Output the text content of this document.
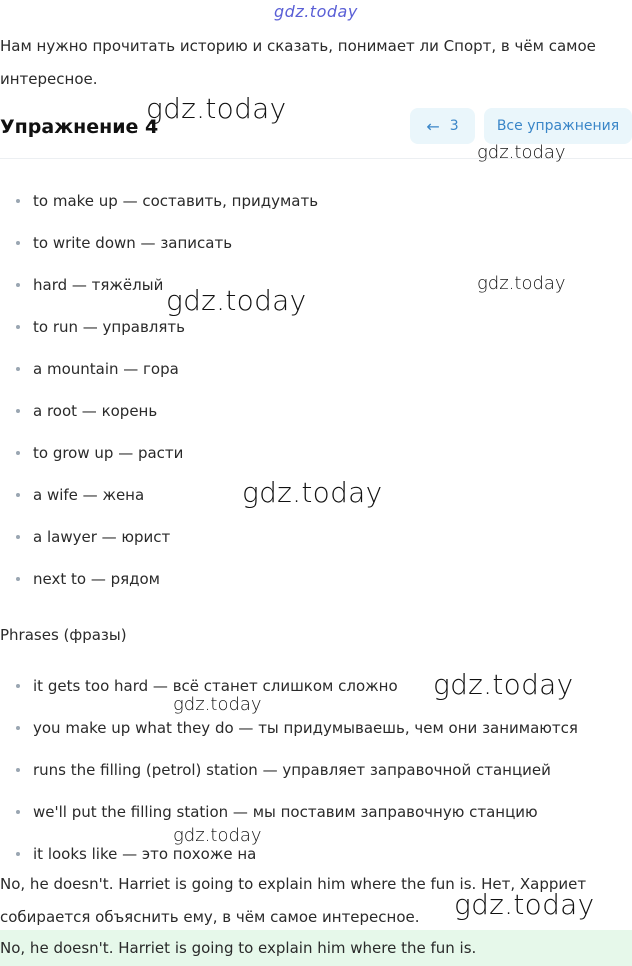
gdz.today
Нам нужно прочитать историю и сказать, понимает ли Спорт, в чём самое интересное.
Упражнение 4	← 3	Все упражнения
to make up — составить, придумать
to write down — записать
hard — тяжёлый
to run — управлять
a mountain — гора
a root — корень
to grow up — расти
a wife — жена
a lawyer — юрист
next to — рядом
Phrases (фразы)
it gets too hard — всё станет слишком сложно
you make up what they do — ты придумываешь, чем они занимаются
runs the filling (petrol) station — управляет заправочной станцией
we'll put the filling station — мы поставим заправочную станцию
it looks like — это похоже на
No, he doesn't. Harriet is going to explain him where the fun is. Нет, Харриет собирается объяснить ему, в чём самое интересное.
No, he doesn't. Harriet is going to explain him where the fun is.
gdz.today
gdz.today
gdz.today
gdz.today
gdz.today
gdz.today
gdz.today
gdz.today
gdz.today
